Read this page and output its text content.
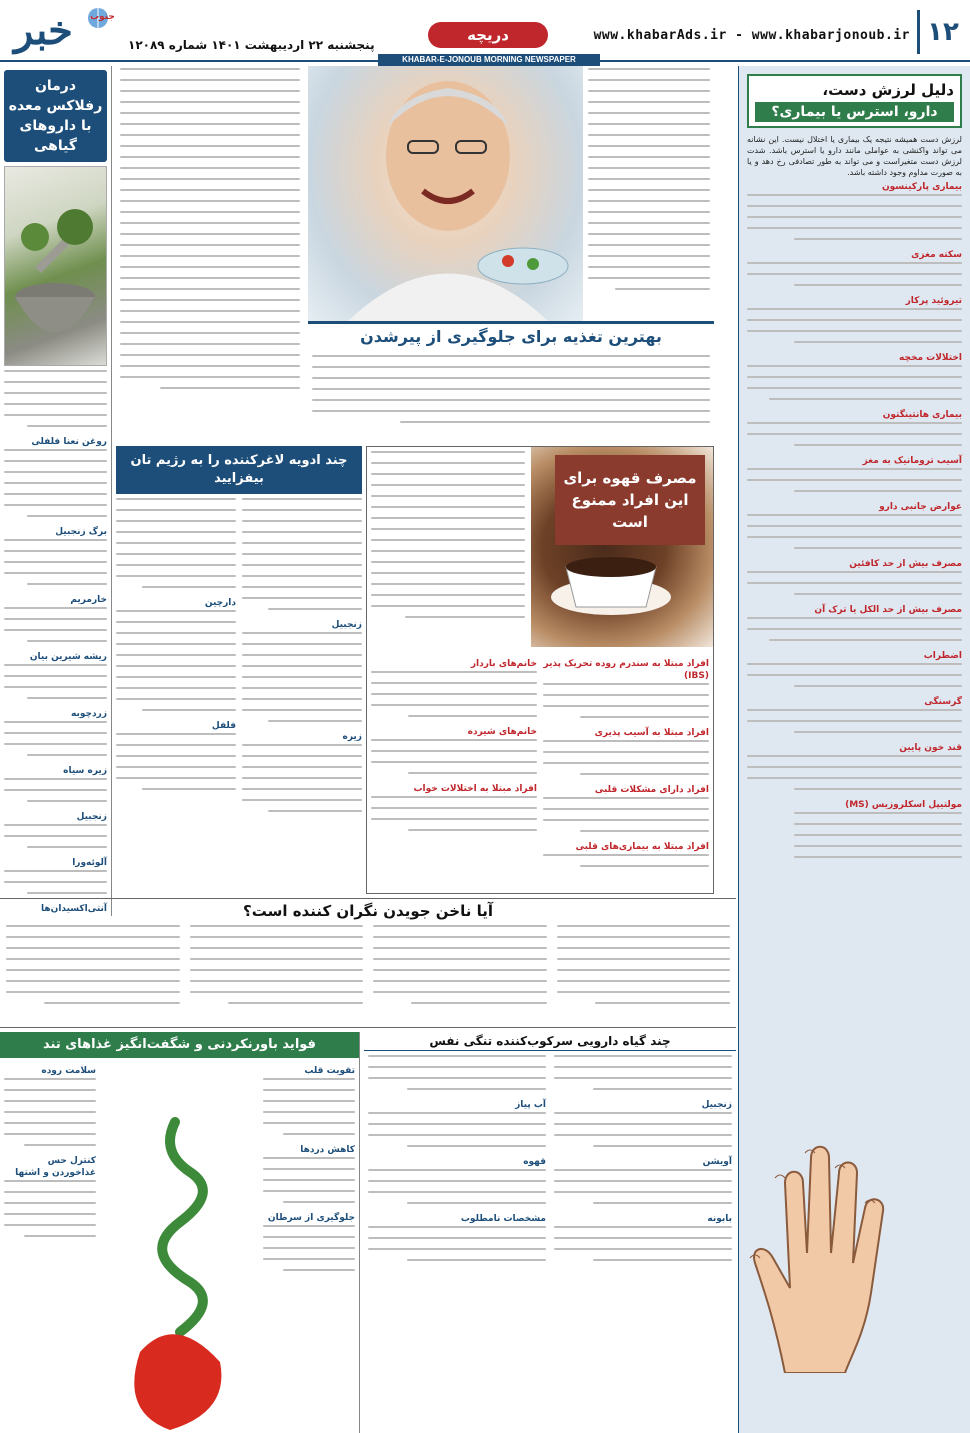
۱۲
www.khabarAds.ir - www.khabarjonoub.ir
دریچه
پنجشنبه ۲۲ اردیبهشت ۱۴۰۱ شماره ۱۲۰۸۹
خبر جنوب
KHABAR-E-JONOUB MORNING NEWSPAPER
دلیل لرزش دست،
دارو، استرس یا بیماری؟

لرزش دست همیشه نتیجه یک بیماری یا اختلال نیست. این نشانه می تواند واکنشی به عواملی مانند دارو یا استرس باشد. شدت لرزش دست متغیراست و می تواند به طور تصادفی رخ دهد و یا به صورت مداوم وجود داشته باشد.

بیماری پارکینسون
سکته مغزی
تیروئید پرکار
اختلالات مخچه
بیماری هانتینگتون
آسیب ترومانیک به مغز
عوارض جانبی دارو
مصرف بیش از حد کافئین
مصرف بیش از حد الکل یا ترک آن
اضطراب
گرسنگی
قند خون پایین
مولتیپل اسکلروزیس (MS)
درمان رفلاکس معده با داروهای گیاهی
روغن نعنا فلفلی
برگ زنجبیل
خارمریم
ریشه شیرین بیان
زردچوبه
زیره سیاه
زنجبیل
آلوئه‌ورا
آنتی‌اکسیدان‌ها
بهترین تغذیه برای جلوگیری از پیرشدن
چند ادویه لاغرکننده را به رژیم تان بیفزایید
زنجبیل
زیره
دارچین
فلفل
مصرف قهوه برای این افراد ممنوع است
افراد مبتلا به سندرم روده تحریک پذیر (IBS)
افراد مبتلا به آسیب پذیری
افراد دارای مشکلات قلبی
افراد مبتلا به بیماری‌های قلبی
خانم‌های باردار
خانم‌های شیرده
افراد مبتلا به اختلالات خواب
آیا ناخن جویدن نگران کننده است؟
فواید باورنکردنی و شگفت‌انگیز غذاهای تند
تقویت قلب
کاهش دردها
جلوگیری از سرطان
سلامت روده
کنترل حس غذاخوردن و اشتها
چند گیاه دارویی سرکوب‌کننده تنگی نفس
زنجبیل
آویشن
بابونه
آب پیاز
قهوه
مشخصات نامطلوب
